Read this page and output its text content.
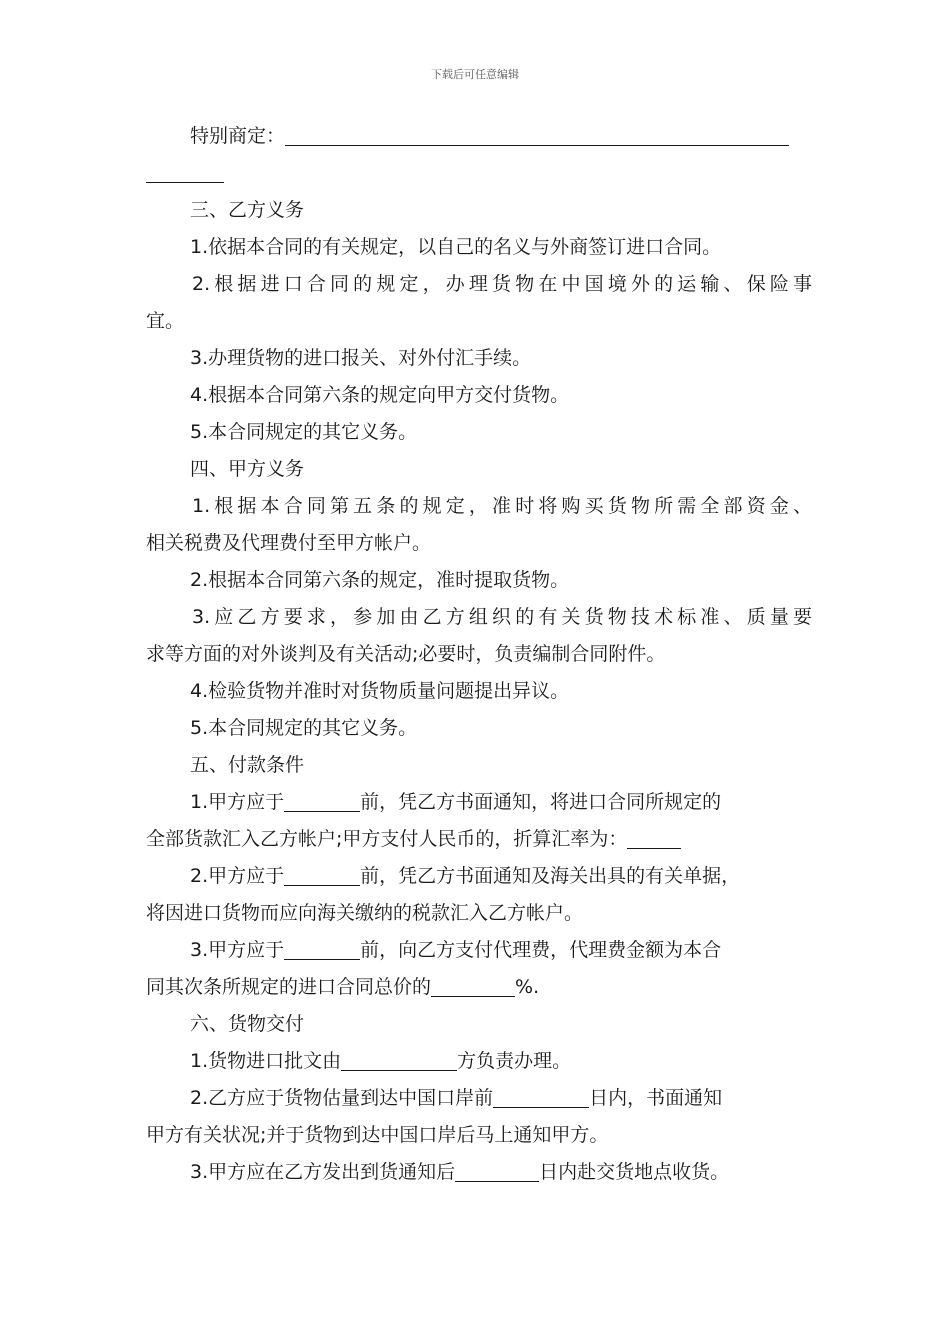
下载后可任意编辑

特别商定：

三、乙方义务

1.依据本合同的有关规定，以自己的名义与外商签订进口合同。

2.根据进口合同的规定，办理货物在中国境外的运输、保险事

宜。

3.办理货物的进口报关、对外付汇手续。

4.根据本合同第六条的规定向甲方交付货物。

5.本合同规定的其它义务。

四、甲方义务

1.根据本合同第五条的规定，准时将购买货物所需全部资金、

相关税费及代理费付至甲方帐户。

2.根据本合同第六条的规定，准时提取货物。

3.应乙方要求，参加由乙方组织的有关货物技术标准、质量要

求等方面的对外谈判及有关活动;必要时，负责编制合同附件。

4.检验货物并准时对货物质量问题提出异议。

5.本合同规定的其它义务。

五、付款条件

1.甲方应于	前，凭乙方书面通知，将进口合同所规定的

全部货款汇入乙方帐户;甲方支付人民币的，折算汇率为：

2.甲方应于	前，凭乙方书面通知及海关出具的有关单据，

将因进口货物而应向海关缴纳的税款汇入乙方帐户。

3.甲方应于	前，向乙方支付代理费，代理费金额为本合

同其次条所规定的进口合同总价的	%.

六、货物交付

1.货物进口批文由	方负责办理。

2.乙方应于货物估量到达中国口岸前	日内，书面通知

甲方有关状况;并于货物到达中国口岸后马上通知甲方。

3.甲方应在乙方发出到货通知后	日内赴交货地点收货。
